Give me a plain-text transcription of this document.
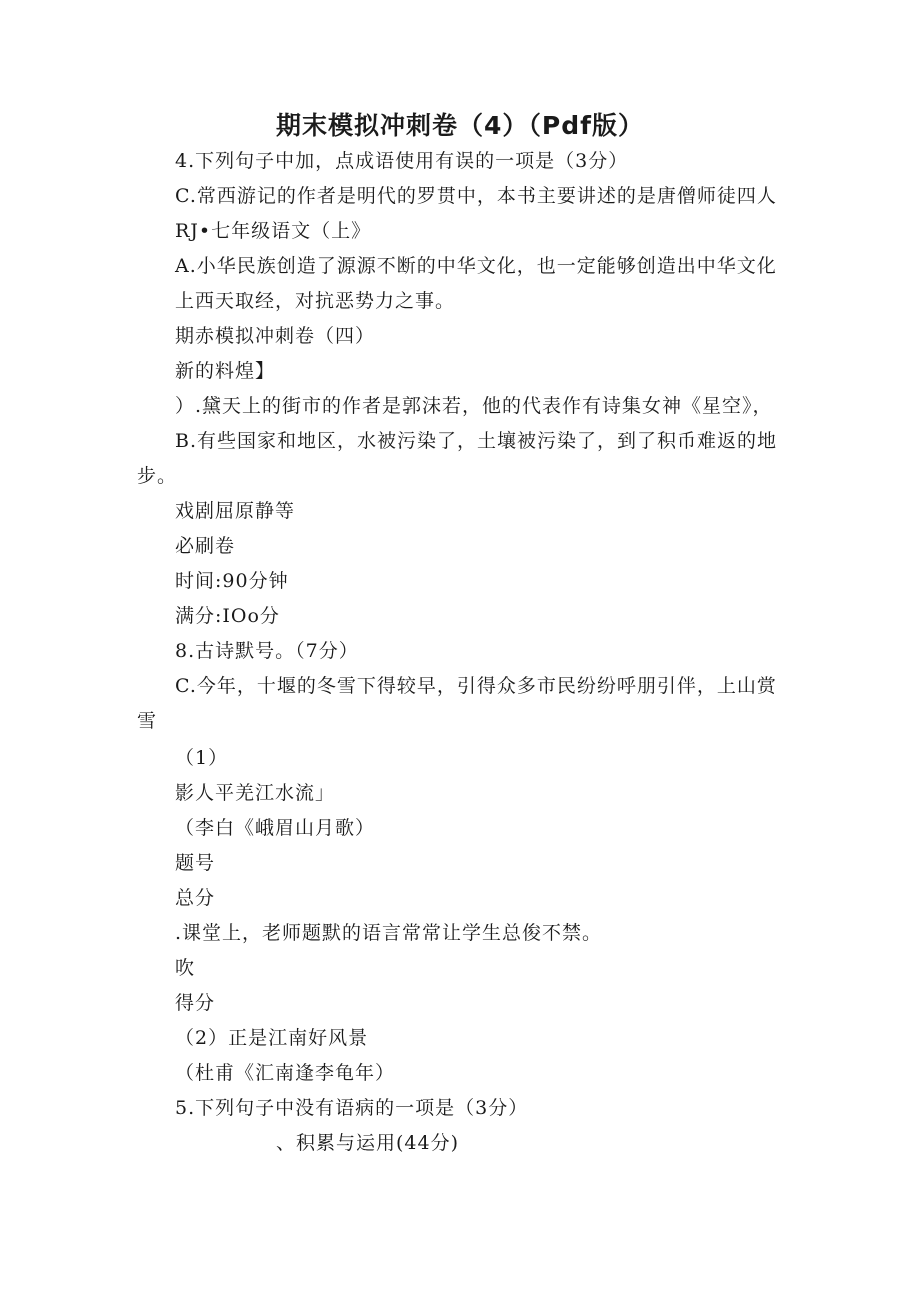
期末模拟冲刺卷（4）（Pdf版）
4.下列句子中加，点成语使用有误的一项是（3分）
C.常西游记的作者是明代的罗贯中，本书主要讲述的是唐僧师徒四人
RJ•七年级语文（上》
A.小华民族创造了源源不断的中华文化，也一定能够创造出中华文化
上西天取经，对抗恶势力之事。
期赤模拟冲刺卷（四）
新的料煌】
）.黛天上的街市的作者是郭沫若，他的代表作有诗集女神《星空》，
B.有些国家和地区，水被污染了，土壤被污染了，到了积币难返的地
步。
戏剧屈原静等
必刷卷
时间:90分钟
满分:IOo分
8.古诗默号。（7分）
C.今年，十堰的冬雪下得较早，引得众多市民纷纷呼朋引伴，上山赏
雪
（1）
影人平羌江水流」
（李白《峨眉山月歌）
题号
总分
.课堂上，老师题默的语言常常让学生总俊不禁。
吹
得分
（2）正是江南好风景
（杜甫《汇南逢李龟年）
5.下列句子中没有语病的一项是（3分）
、积累与运用(44分)
